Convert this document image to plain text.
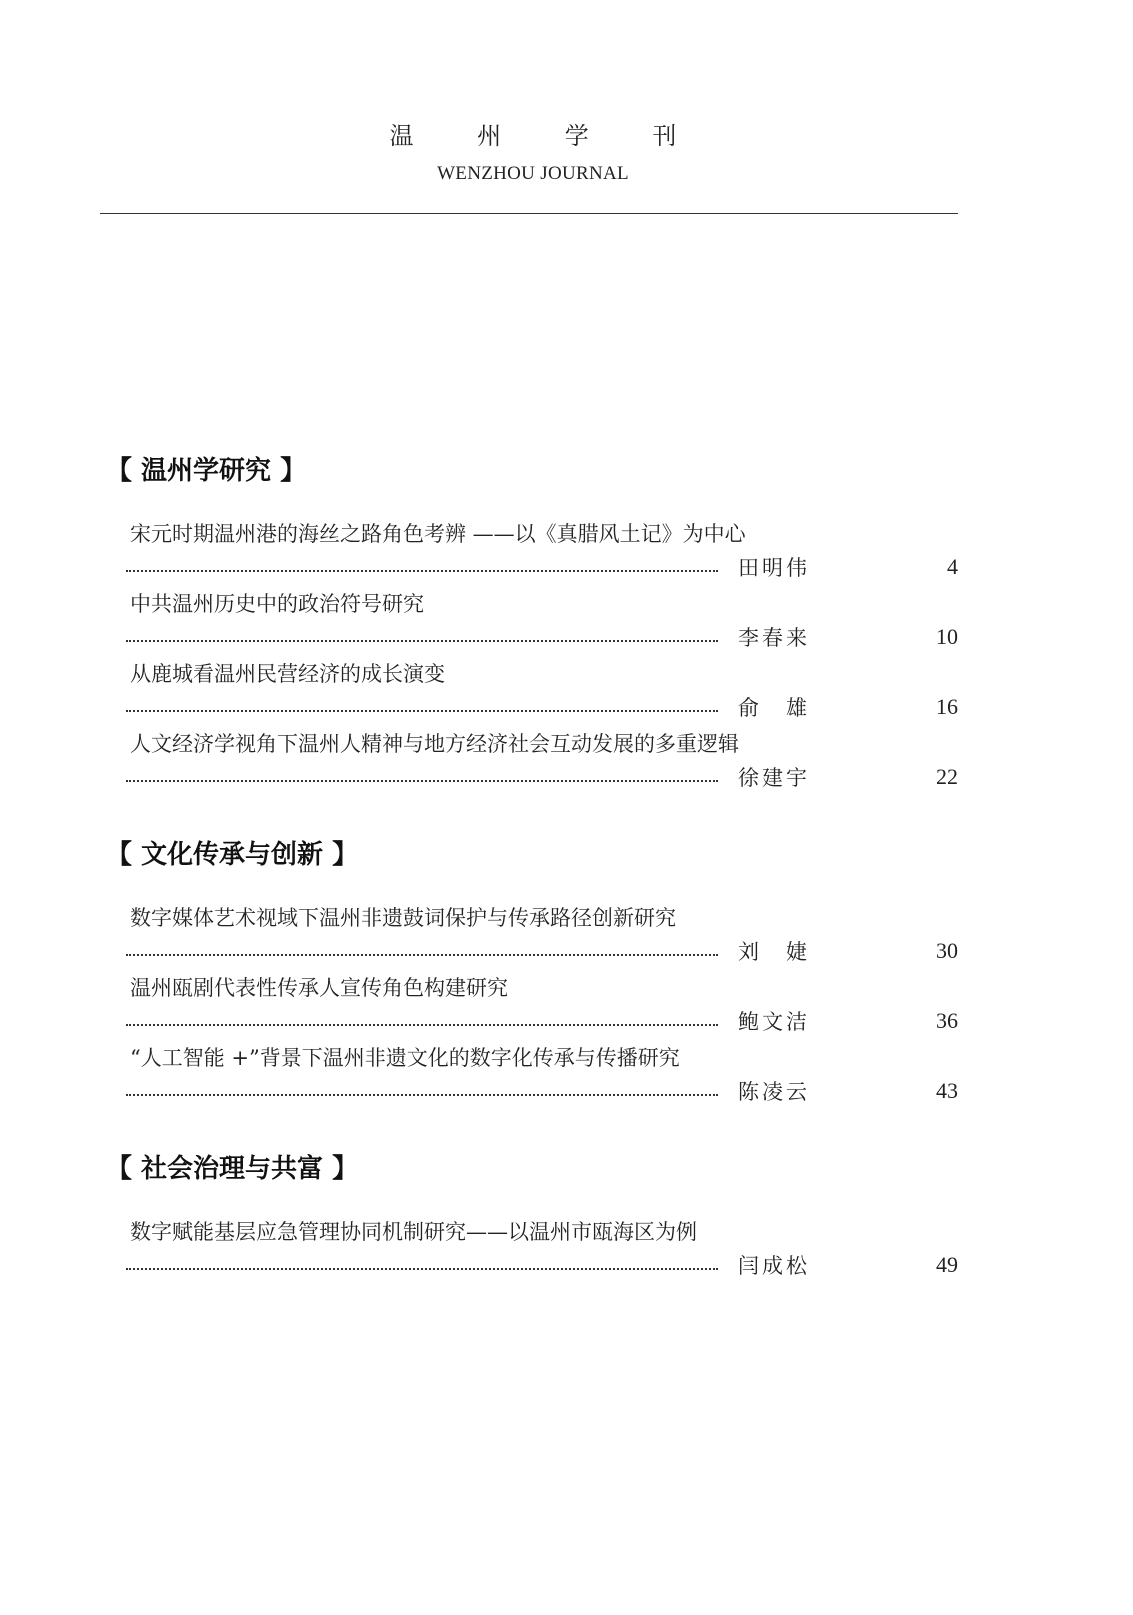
温 州 学 刊
WENZHOU JOURNAL
【 温州学研究 】
宋元时期温州港的海丝之路角色考辨 ——以《真腊风土记》为中心
田明伟	4
中共温州历史中的政治符号研究
李春来	10
从鹿城看温州民营经济的成长演变
俞　雄	16
人文经济学视角下温州人精神与地方经济社会互动发展的多重逻辑
徐建宇	22
【 文化传承与创新 】
数字媒体艺术视域下温州非遗鼓词保护与传承路径创新研究
刘　婕	30
温州瓯剧代表性传承人宣传角色构建研究
鲍文洁	36
“人工智能 +”背景下温州非遗文化的数字化传承与传播研究
陈凌云	43
【 社会治理与共富 】
数字赋能基层应急管理协同机制研究——以温州市瓯海区为例
闫成松	49
